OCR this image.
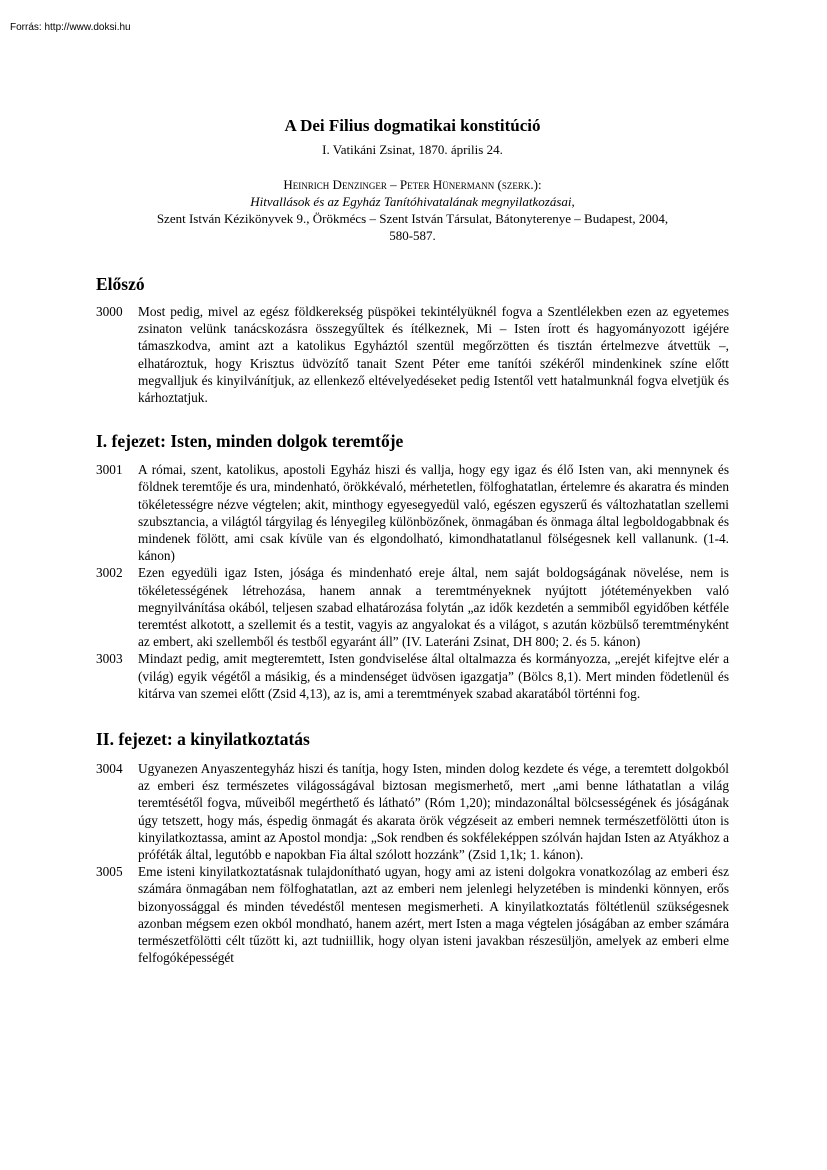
Forrás: http://www.doksi.hu
A Dei Filius dogmatikai konstitúció
I. Vatikáni Zsinat, 1870. április 24.
Heinrich Denzinger – Peter Hünermann (szerk.):
Hitvallások és az Egyház Tanítóhivatalának megnyilatkozásai,
Szent István Kézikönyvek 9., Örökmécs – Szent István Társulat, Bátonyterenye – Budapest, 2004,
580-587.
Előszó
3000	Most pedig, mivel az egész földkerekség püspökei tekintélyüknél fogva a Szentlélekben ezen az egyetemes zsinaton velünk tanácskozásra összegyűltek és ítélkeznek, Mi – Isten írott és hagyományozott igéjére támaszkodva, amint azt a katolikus Egyháztól szentül megőrzötten és tisztán értelmezve átvettük –, elhatároztuk, hogy Krisztus üdvözítő tanait Szent Péter eme tanítói székéről mindenkinek színe előtt megvalljuk és kinyilvánítjuk, az ellenkező eltévelyedéseket pedig Istentől vett hatalmunknál fogva elvetjük és kárhoztatjuk.
I. fejezet: Isten, minden dolgok teremtője
3001	A római, szent, katolikus, apostoli Egyház hiszi és vallja, hogy egy igaz és élő Isten van, aki mennynek és földnek teremtője és ura, mindenható, örökkévaló, mérhetetlen, fölfoghatatlan, értelemre és akaratra és minden tökéletességre nézve végtelen; akit, minthogy egyesegyedül való, egészen egyszerű és változhatatlan szellemi szubsztancia, a világtól tárgyilag és lényegileg különbözőnek, önmagában és önmaga által legboldogabbnak és mindenek fölött, ami csak kívüle van és elgondolható, kimondhatatlanul fölségesnek kell vallanunk. (1-4. kánon)
3002	Ezen egyedüli igaz Isten, jósága és mindenható ereje által, nem saját boldogságának növelése, nem is tökéletességének létrehozása, hanem annak a teremtményeknek nyújtott jótéteményekben való megnyilvánítása okából, teljesen szabad elhatározása folytán „az idők kezdetén a semmiből egyidőben kétféle teremtést alkotott, a szellemit és a testit, vagyis az angyalokat és a világot, s azután közbülső teremtményként az embert, aki szellemből és testből egyaránt áll” (IV. Lateráni Zsinat, DH 800; 2. és 5. kánon)
3003	Mindazt pedig, amit megteremtett, Isten gondviselése által oltalmazza és kormányozza, „erejét kifejtve elér a (világ) egyik végétől a másikig, és a mindenséget üdvösen igazgatja” (Bölcs 8,1). Mert minden födetlenül és kitárva van szemei előtt (Zsid 4,13), az is, ami a teremtmények szabad akaratából történni fog.
II. fejezet: a kinyilatkoztatás
3004	Ugyanezen Anyaszentegyház hiszi és tanítja, hogy Isten, minden dolog kezdete és vége, a teremtett dolgokból az emberi ész természetes világosságával biztosan megismerhető, mert „ami benne láthatatlan a világ teremtésétől fogva, műveiből megérthető és látható” (Róm 1,20); mindazonáltal bölcsességének és jóságának úgy tetszett, hogy más, éspedig önmagát és akarata örök végzéseit az emberi nemnek természetfölötti úton is kinyilatkoztassa, amint az Apostol mondja: „Sok rendben és sokféleképpen szólván hajdan Isten az Atyákhoz a próféták által, legutóbb e napokban Fia által szólott hozzánk” (Zsid 1,1k; 1. kánon).
3005	Eme isteni kinyilatkoztatásnak tulajdonítható ugyan, hogy ami az isteni dolgokra vonatkozólag az emberi ész számára önmagában nem fölfoghatatlan, azt az emberi nem jelenlegi helyzetében is mindenki könnyen, erős bizonyossággal és minden tévedéstől mentesen megismerheti. A kinyilatkoztatás föltétlenül szükségesnek azonban mégsem ezen okból mondható, hanem azért, mert Isten a maga végtelen jóságában az ember számára természetfölötti célt tűzött ki, azt tudniillik, hogy olyan isteni javakban részesüljön, amelyek az emberi elme felfogóképességét
